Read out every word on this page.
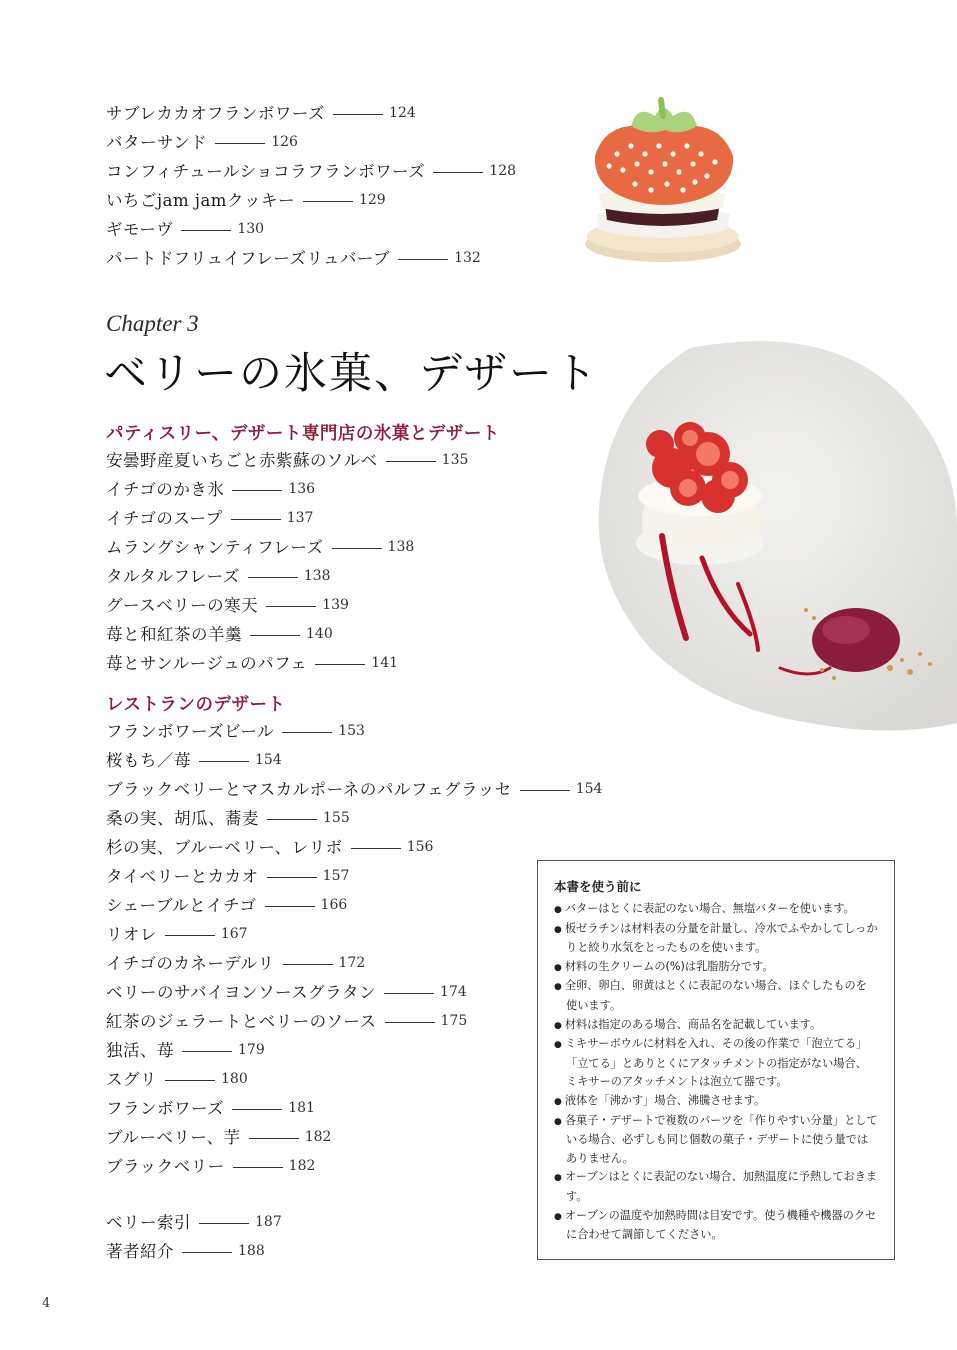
サブレカカオフランボワーズ	124
バターサンド	126
コンフィチュールショコラフランボワーズ	128
いちごjam jamクッキー	129
ギモーヴ	130
パートドフリュイフレーズリュバーブ	132
Chapter 3
ベリーの氷菓、デザート
パティスリー、デザート専門店の氷菓とデザート
安曇野産夏いちごと赤紫蘇のソルベ	135
イチゴのかき氷	136
イチゴのスープ	137
ムラングシャンティフレーズ	138
タルタルフレーズ	138
グースベリーの寒天	139
苺と和紅茶の羊羹	140
苺とサンルージュのパフェ	141
レストランのデザート
フランボワーズビール	153
桜もち／苺	154
ブラックベリーとマスカルポーネのパルフェグラッセ	154
桑の実、胡瓜、蕎麦	155
杉の実、ブルーベリー、レリボ	156
タイベリーとカカオ	157
シェーブルとイチゴ	166
リオレ	167
イチゴのカネーデルリ	172
ベリーのサバイヨンソースグラタン	174
紅茶のジェラートとベリーのソース	175
独活、苺	179
スグリ	180
フランボワーズ	181
ブルーベリー、芋	182
ブラックベリー	182
ベリー索引	187
著者紹介	188
本書を使う前に
● バターはとくに表記のない場合、無塩バターを使います。
● 板ゼラチンは材料表の分量を計量し、冷水でふやかしてしっかりと絞り水気をとったものを使います。
● 材料の生クリームの(%)は乳脂肪分です。
● 全卵、卵白、卵黄はとくに表記のない場合、ほぐしたものを使います。
● 材料は指定のある場合、商品名を記載しています。
● ミキサーボウルに材料を入れ、その後の作業で「泡立てる」「立てる」とありとくにアタッチメントの指定がない場合、ミキサーのアタッチメントは泡立て器です。
● 液体を「沸かす」場合、沸騰させます。
● 各菓子・デザートで複数のパーツを「作りやすい分量」としている場合、必ずしも同じ個数の菓子・デザートに使う量ではありません。
● オーブンはとくに表記のない場合、加熱温度に予熱しておきます。
● オーブンの温度や加熱時間は目安です。使う機種や機器のクセに合わせて調節してください。
4
